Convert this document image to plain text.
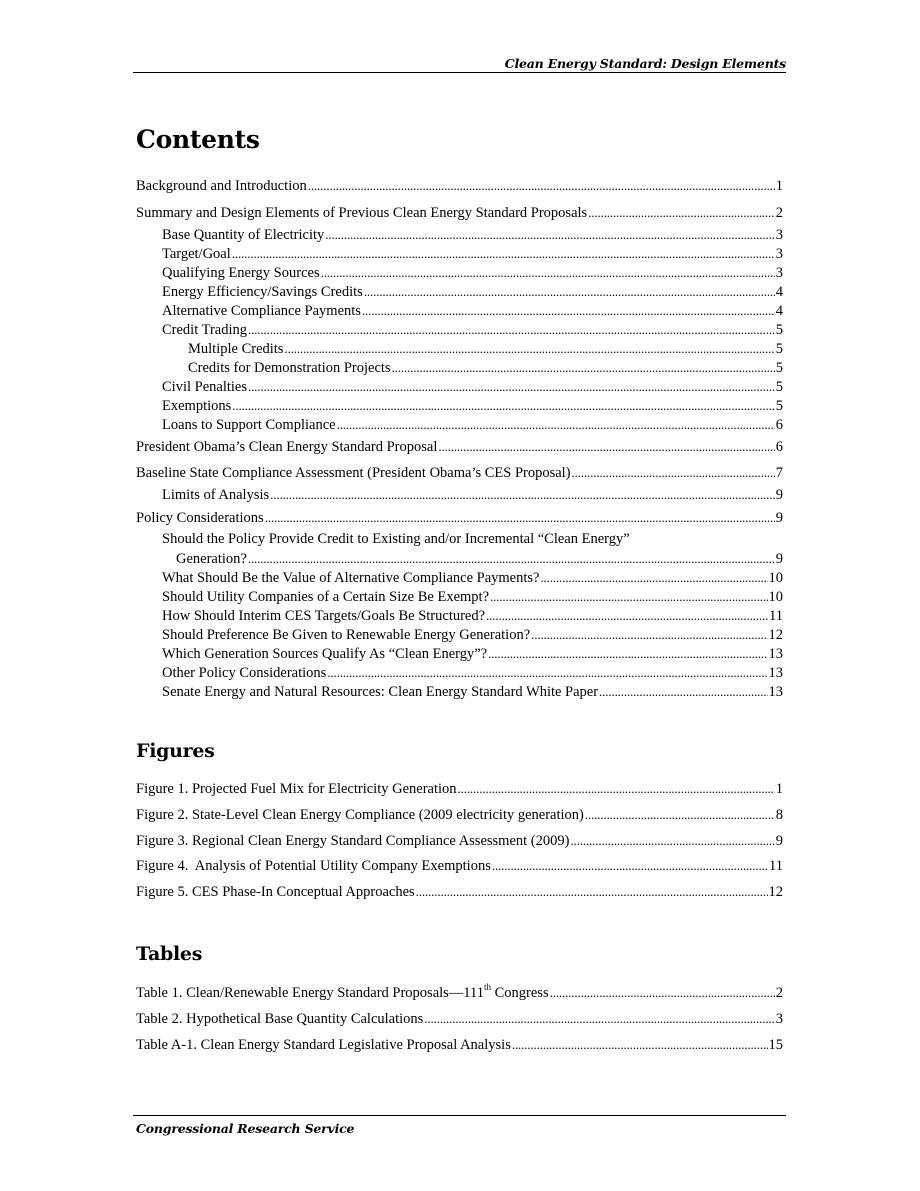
Clean Energy Standard: Design Elements
Contents
Background and Introduction . . .	1
Summary and Design Elements of Previous Clean Energy Standard Proposals . . .	2
Base Quantity of Electricity . . .	3
Target/Goal . . .	3
Qualifying Energy Sources . . .	3
Energy Efficiency/Savings Credits . . .	4
Alternative Compliance Payments . . .	4
Credit Trading . . .	5
Multiple Credits . . .	5
Credits for Demonstration Projects . . .	5
Civil Penalties . . .	5
Exemptions . . .	5
Loans to Support Compliance . . .	6
President Obama’s Clean Energy Standard Proposal . . .	6
Baseline State Compliance Assessment (President Obama’s CES Proposal) . . .	7
Limits of Analysis . . .	9
Policy Considerations . . .	9
Should the Policy Provide Credit to Existing and/or Incremental “Clean Energy”
Generation? . . .	9
What Should Be the Value of Alternative Compliance Payments? . . .	10
Should Utility Companies of a Certain Size Be Exempt? . . .	10
How Should Interim CES Targets/Goals Be Structured? . . .	11
Should Preference Be Given to Renewable Energy Generation? . . .	12
Which Generation Sources Qualify As “Clean Energy”? . . .	13
Other Policy Considerations . . .	13
Senate Energy and Natural Resources: Clean Energy Standard White Paper . . .	13
Figures
Figure 1. Projected Fuel Mix for Electricity Generation . . .	1
Figure 2. State-Level Clean Energy Compliance (2009 electricity generation) . . .	8
Figure 3. Regional Clean Energy Standard Compliance Assessment (2009) . . .	9
Figure 4.  Analysis of Potential Utility Company Exemptions . . .	11
Figure 5. CES Phase-In Conceptual Approaches . . .	12
Tables
Table 1. Clean/Renewable Energy Standard Proposals—111th Congress . . .	2
Table 2. Hypothetical Base Quantity Calculations . . .	3
Table A-1. Clean Energy Standard Legislative Proposal Analysis . . .	15
Congressional Research Service
